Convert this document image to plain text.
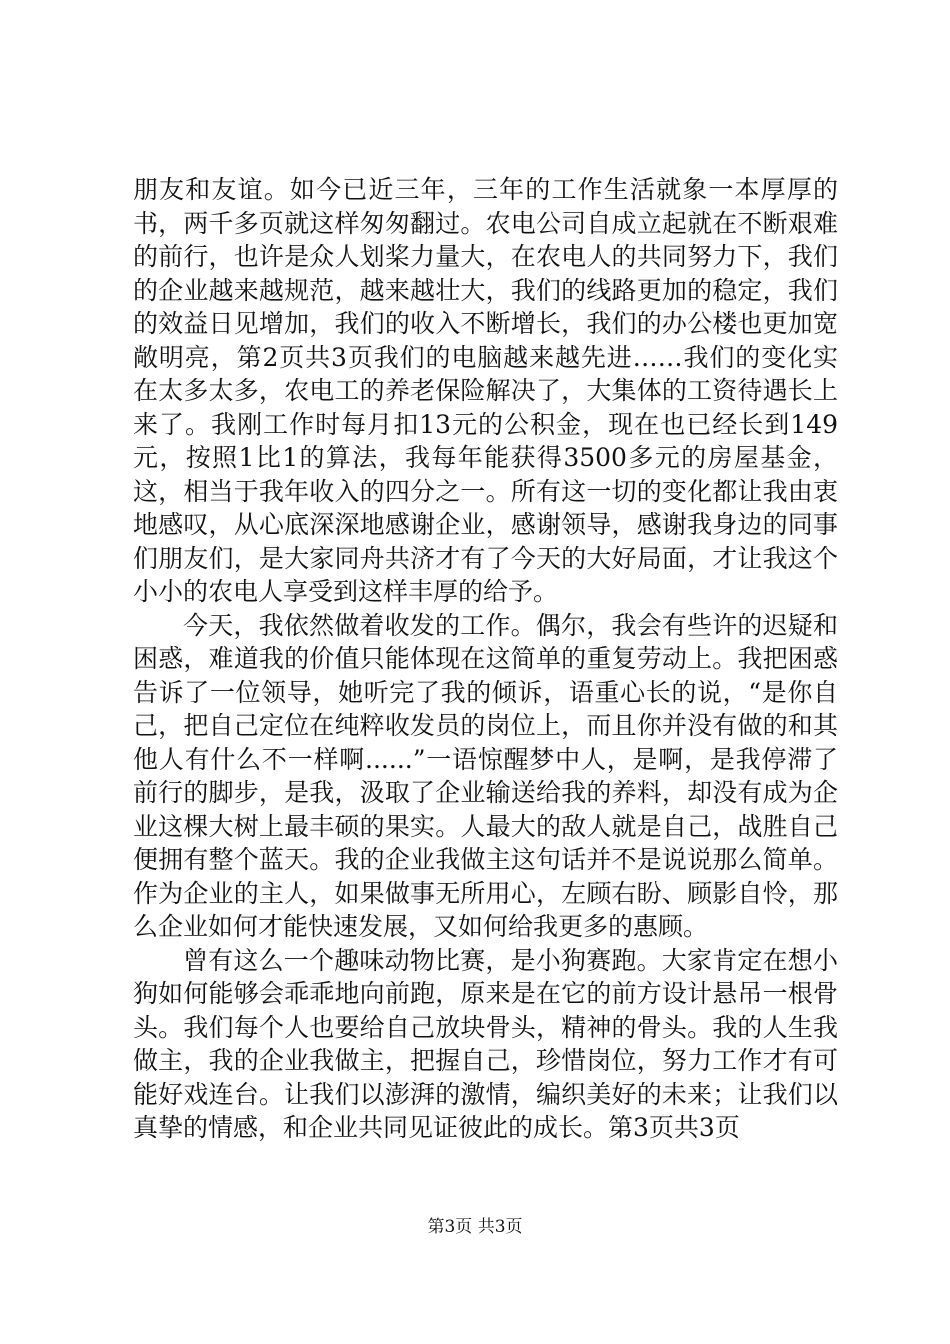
朋友和友谊。如今已近三年，三年的工作生活就象一本厚厚的书，两千多页就这样匆匆翻过。农电公司自成立起就在不断艰难的前行，也许是众人划桨力量大，在农电人的共同努力下，我们的企业越来越规范，越来越壮大，我们的线路更加的稳定，我们的效益日见增加，我们的收入不断增长，我们的办公楼也更加宽敞明亮，第2页共3页我们的电脑越来越先进……我们的变化实在太多太多，农电工的养老保险解决了，大集体的工资待遇长上来了。我刚工作时每月扣13元的公积金，现在也已经长到149元，按照1比1的算法，我每年能获得3500多元的房屋基金，这，相当于我年收入的四分之一。所有这一切的变化都让我由衷地感叹，从心底深深地感谢企业，感谢领导，感谢我身边的同事们朋友们，是大家同舟共济才有了今天的大好局面，才让我这个小小的农电人享受到这样丰厚的给予。

今天，我依然做着收发的工作。偶尔，我会有些许的迟疑和困惑，难道我的价值只能体现在这简单的重复劳动上。我把困惑告诉了一位领导，她听完了我的倾诉，语重心长的说，“是你自己，把自己定位在纯粹收发员的岗位上，而且你并没有做的和其他人有什么不一样啊......”一语惊醒梦中人，是啊，是我停滞了前行的脚步，是我，汲取了企业输送给我的养料，却没有成为企业这棵大树上最丰硕的果实。人最大的敌人就是自己，战胜自己便拥有整个蓝天。我的企业我做主这句话并不是说说那么简单。作为企业的主人，如果做事无所用心，左顾右盼、顾影自怜，那么企业如何才能快速发展，又如何给我更多的惠顾。

曾有这么一个趣味动物比赛，是小狗赛跑。大家肯定在想小狗如何能够会乖乖地向前跑，原来是在它的前方设计悬吊一根骨头。我们每个人也要给自己放块骨头，精神的骨头。我的人生我做主，我的企业我做主，把握自己，珍惜岗位，努力工作才有可能好戏连台。让我们以澎湃的激情，编织美好的未来；让我们以真挚的情感，和企业共同见证彼此的成长。第3页共3页

第3页 共3页
